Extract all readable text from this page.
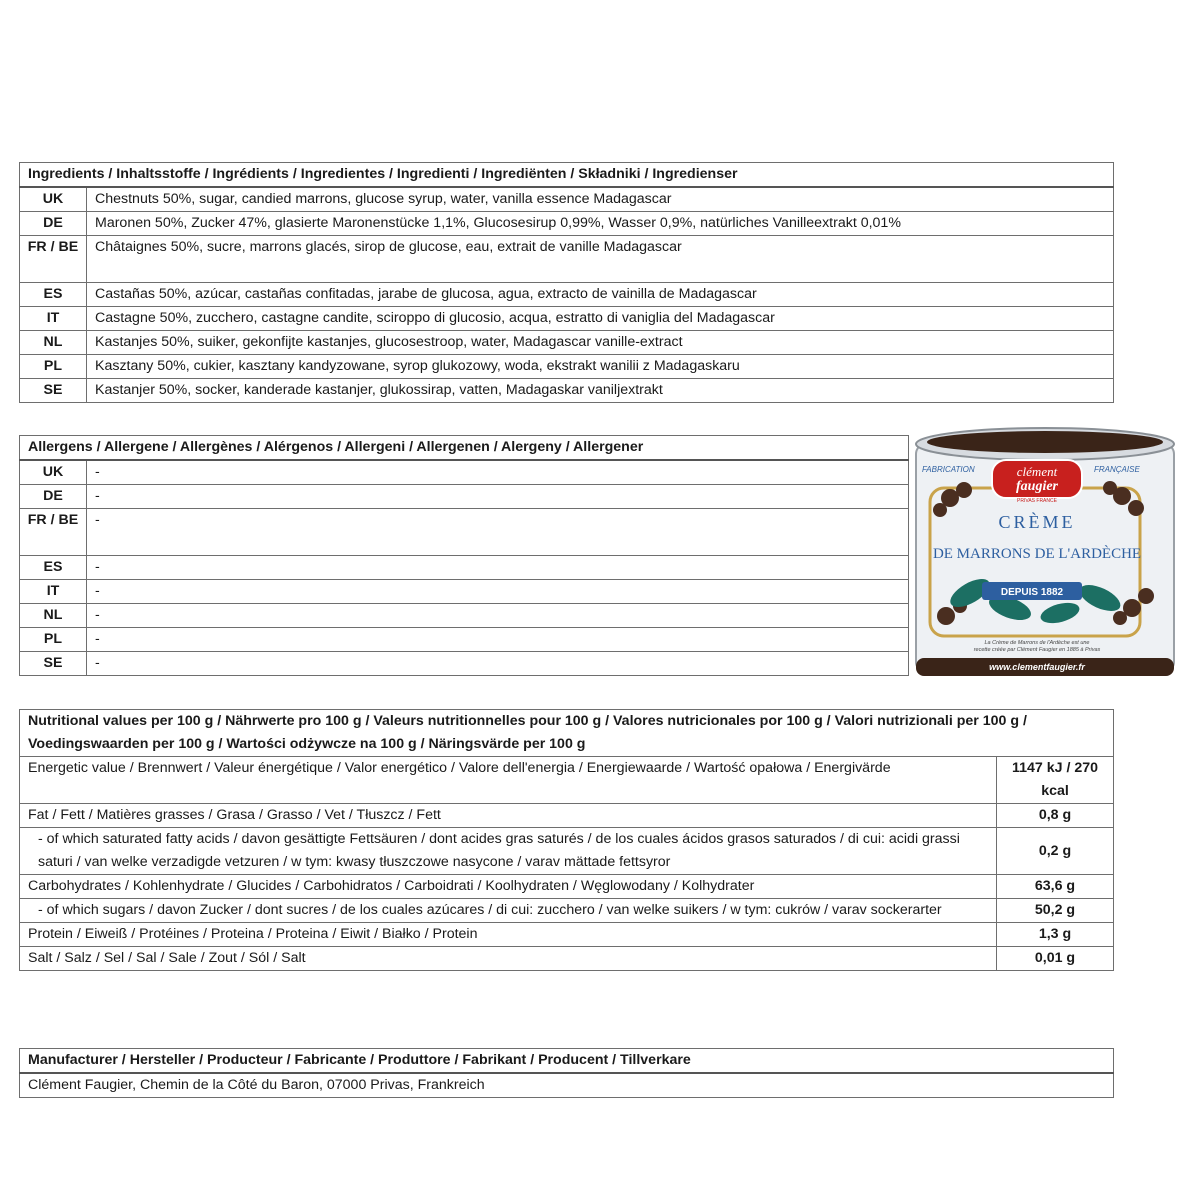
Ingredients / Inhaltsstoffe / Ingrédients / Ingredientes / Ingredienti / Ingrediënten / Składniki / Ingredienser	
UK	Chestnuts 50%, sugar, candied marrons, glucose syrup, water, vanilla essence Madagascar
DE	Maronen 50%, Zucker 47%, glasierte Maronenstücke 1,1%, Glucosesirup 0,99%, Wasser 0,9%, natürliches Vanilleextrakt 0,01%
FR / BE	Châtaignes 50%, sucre, marrons glacés, sirop de glucose, eau, extrait de vanille Madagascar
ES	Castañas 50%, azúcar, castañas confitadas, jarabe de glucosa, agua, extracto de vainilla de Madagascar
IT	Castagne 50%, zucchero, castagne candite, sciroppo di glucosio, acqua, estratto di vaniglia del Madagascar
NL	Kastanjes 50%, suiker, gekonfijte kastanjes, glucosestroop, water, Madagascar vanille-extract
PL	Kasztany 50%, cukier, kasztany kandyzowane, syrop glukozowy, woda, ekstrakt wanilii z Madagaskaru
SE	Kastanjer 50%, socker, kanderade kastanjer, glukossirap, vatten, Madagaskar vaniljextrakt
Allergens / Allergene / Allergènes / Alérgenos / Allergeni / Allergenen / Alergeny / Allergener	
UK	-
DE	-
FR / BE	-
ES	-
IT	-
NL	-
PL	-
SE	-
clément
faugier
PRIVAS FRANCE
FABRICATION	FRANÇAISE
CRÈME
DE MARRONS DE L'ARDÈCHE
DEPUIS 1882
La Crème de Marrons de l'Ardèche est une
recette créée par Clément Faugier en 1885 à Privas
www.clementfaugier.fr
Nutritional values per 100 g / Nährwerte pro 100 g / Valeurs nutritionnelles pour 100 g / Valores nutricionales por 100 g / Valori nutrizionali per 100 g / Voedingswaarden per 100 g / Wartości odżywcze na 100 g / Näringsvärde per 100 g	
Energetic value / Brennwert / Valeur énergétique / Valor energético / Valore dell'energia / Energiewaarde / Wartość opałowa / Energivärde	1147 kJ / 270 kcal
Fat / Fett / Matières grasses / Grasa / Grasso / Vet / Tłuszcz / Fett	0,8 g
- of which saturated fatty acids / davon gesättigte Fettsäuren / dont acides gras saturés / de los cuales ácidos grasos saturados / di cui: acidi grassi saturi / van welke verzadigde vetzuren / w tym: kwasy tłuszczowe nasycone / varav mättade fettsyror	0,2 g
Carbohydrates / Kohlenhydrate / Glucides / Carbohidratos / Carboidrati / Koolhydraten / Węglowodany / Kolhydrater	63,6 g
- of which sugars / davon Zucker / dont sucres / de los cuales azúcares / di cui: zucchero / van welke suikers / w tym: cukrów / varav sockerarter	50,2 g
Protein / Eiweiß / Protéines / Proteina / Proteina / Eiwit / Białko / Protein	1,3 g
Salt / Salz / Sel / Sal / Sale / Zout / Sól / Salt	0,01 g
Manufacturer / Hersteller / Producteur / Fabricante / Produttore / Fabrikant / Producent / Tillverkare
Clément Faugier, Chemin de la Côté du Baron, 07000 Privas, Frankreich
